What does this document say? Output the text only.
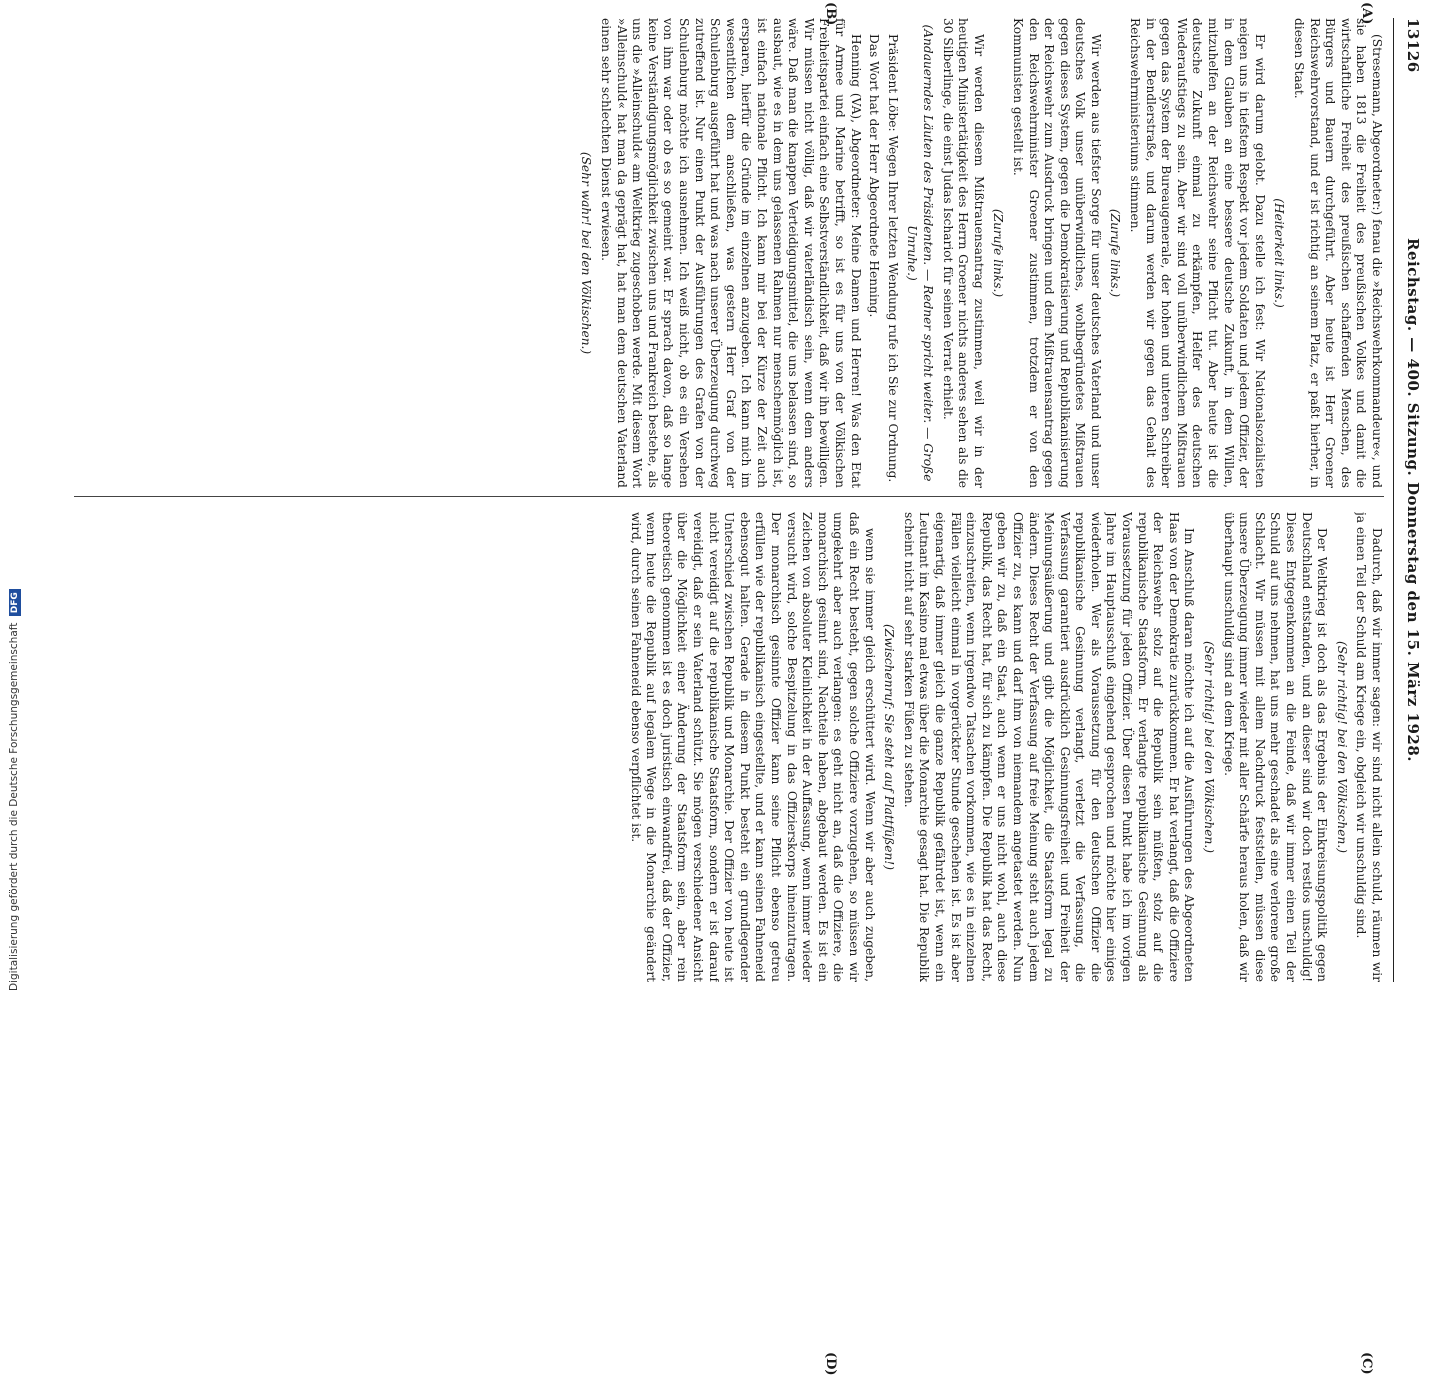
13126
Reichstag. — 400. Sitzung. Donnerstag den 15. März 1928.

(Stresemann, Abgeordneter:) fenau die »Reichswehrkommandeure«, und sie haben 1813 die Freiheit des preußischen Volkes und damit die wirtschaftliche Freiheit des preußischen schaffenden Menschen, des Bürgers und Bauern durchgeführt. Aber heute ist Herr Groener Reichswehrvorstand, und er ist richtig an seinem Platz, er paßt hierher, in diesen Staat.

(Heiterkeit links.)

Er wird darum gelobt. Dazu stelle ich fest: Wir Nationalsozialisten neigen uns in tiefstem Respekt vor jedem Soldaten und jedem Offizier, der in dem Glauben an eine bessere deutsche Zukunft, in dem Willen, mitzuhelfen an der Reichswehr seine Pflicht tut. Aber heute ist die deutsche Zukunft einmal zu erkämpfen, Helfer des deutschen Wiederaufstiegs zu sein. Aber wir sind voll unüberwindlichem Mißtrauen gegen das System der Bureaugenerale, der hohen und unteren Schreiber in der Bendlerstraße, und darum werden wir gegen das Gehalt des Reichswehrministeriums stimmen.

(Zurufe links.)

Wir werden aus tiefster Sorge für unser deutsches Vaterland und unser deutsches Volk unser unüberwindliches, wohlbegründetes Mißtrauen gegen dieses System, gegen die Demokratisierung und Republikanisierung der Reichswehr zum Ausdruck bringen und dem Mißtrauensantrag gegen den Reichswehrminister Groener zustimmen, trotzdem er von den Kommunisten gestellt ist.

(Zurufe links.)

Wir werden diesem Mißtrauensantrag zustimmen, weil wir in der heutigen Ministertätigkeit des Herrn Groener nichts anderes sehen als die 30 Silberlinge, die einst Judas Ischariot für seinen Verrat erhielt.

(Andauerndes Läuten des Präsidenten. — Redner spricht weiter. — Große Unruhe.)

Präsident Löbe: Wegen Ihrer letzten Wendung rufe ich Sie zur Ordnung.

Das Wort hat der Herr Abgeordnete Henning.

Henning (VA), Abgeordneter: Meine Damen und Herren! Was den Etat für Armee und Marine betrifft, so ist es für uns von der Völkischen Freiheitspartei einfach eine Selbstverständlichkeit, daß wir ihn bewilligen. Wir müssen nicht völlig, daß wir vaterländisch sein, wenn dem anders wäre. Daß man die knappen Verteidigungsmittel, die uns belassen sind, so ausbaut, wie es in dem uns gelassenen Rahmen nur menschenmöglich ist, ist einfach nationale Pflicht. Ich kann mir bei der Kürze der Zeit auch ersparen, hierfür die Gründe im einzelnen anzugeben. Ich kann mich im wesentlichen dem anschließen, was gestern Herr Graf von der Schulenburg ausgeführt hat und was nach unserer Überzeugung durchweg zutreffend ist. Nur einen Punkt der Ausführungen des Grafen von der Schulenburg möchte ich ausnehmen. Ich weiß nicht, ob es ein Versehen von ihm war oder ob es so gemeint war. Er sprach davon, daß so lange keine Verständigungsmöglichkeit zwischen uns und Frankreich bestehe, als uns die »Alleinschuld« am Weltkrieg zugeschoben werde. Mit diesem Wort »Alleinschuld« hat man da geprägt hat, hat man dem deutschen Vaterland einen sehr schlechten Dienst erwiesen.

(Sehr wahr! bei den Völkischen.)

Dadurch, daß wir immer sagen: wir sind nicht allein schuld, räumen wir ja einen Teil der Schuld am Kriege ein, obgleich wir unschuldig sind.

(Sehr richtig! bei den Völkischen.)

Der Weltkrieg ist doch als das Ergebnis der Einkreisungspolitik gegen Deutschland entstanden, und an dieser sind wir doch restlos unschuldig! Dieses Entgegenkommen an die Feinde, daß wir immer einen Teil der Schuld auf uns nehmen, hat uns mehr geschadet als eine verlorene große Schlacht. Wir müssen mit allem Nachdruck feststellen, müssen diese unsere Überzeugung immer wieder mit aller Schärfe heraus holen, daß wir überhaupt unschuldig sind an dem Kriege.

(Sehr richtig! bei den Völkischen.)

Im Anschluß daran möchte ich auf die Ausführungen des Abgeordneten Haas von der Demokratie zurückkommen. Er hat verlangt, daß die Offiziere der Reichswehr stolz auf die Republik sein müßten, stolz auf die republikanische Staatsform. Er verlangte republikanische Gesinnung als Voraussetzung für jeden Offizier. Über diesen Punkt habe ich im vorigen Jahre im Hauptausschuß eingehend gesprochen und möchte hier einiges wiederholen. Wer als Voraussetzung für den deutschen Offizier die republikanische Gesinnung verlangt, verletzt die Verfassung, die Verfassung garantiert ausdrücklich Gesinnungsfreiheit und Freiheit der Meinungsäußerung und gibt die Möglichkeit, die Staatsform legal zu ändern. Dieses Recht der Verfassung auf freie Meinung steht auch jedem Offizier zu, es kann und darf ihm von niemandem angetastet werden. Nun geben wir zu, daß ein Staat, auch wenn er uns nicht wohl, auch diese Republik, das Recht hat, für sich zu kämpfen. Die Republik hat das Recht, einzuschreiten, wenn irgendwo Tatsachen vorkommen, wie es in einzelnen Fällen vielleicht einmal in vorgerückter Stunde geschehen ist. Es ist aber eigenartig, daß immer gleich die ganze Republik gefährdet ist, wenn ein Leutnant im Kasino mal etwas über die Monarchie gesagt hat. Die Republik scheint nicht auf sehr starken Füßen zu stehen.

(Zwischenruf: Sie steht auf Plattfüßen!)

wenn sie immer gleich erschüttert wird. Wenn wir aber auch zugeben, daß ein Recht besteht, gegen solche Offiziere vorzugehen, so müssen wir umgekehrt aber auch verlangen: es geht nicht an, daß die Offiziere, die monarchisch gesinnt sind, Nachteile haben, abgebaut werden. Es ist ein Zeichen von absoluter Kleinlichkeit in der Auffassung, wenn immer wieder versucht wird, solche Bespitzelung in das Offizierskorps hineinzutragen. Der monarchisch gesinnte Offizier kann seine Pflicht ebenso getreu erfüllen wie der republikanisch eingestellte, und er kann seinen Fahneneid ebensogut halten. Gerade in diesem Punkt besteht ein grundlegender Unterschied zwischen Republik und Monarchie. Der Offizier von heute ist nicht vereidigt auf die republikanische Staatsform, sondern er ist darauf vereidigt, daß er sein Vaterland schützt. Sie mögen verschiedener Ansicht über die Möglichkeit einer Änderung der Staatsform sein, aber rein theoretisch genommen ist es doch juristisch einwandfrei, daß der Offizier, wenn heute die Republik auf legalem Wege in die Monarchie geändert wird, durch seinen Fahneneid ebenso verpflichtet ist.

(A)
(B)
(C)
(D)
Digitalisierung gefördert durch die Deutsche Forschungsgemeinschaft DFG
